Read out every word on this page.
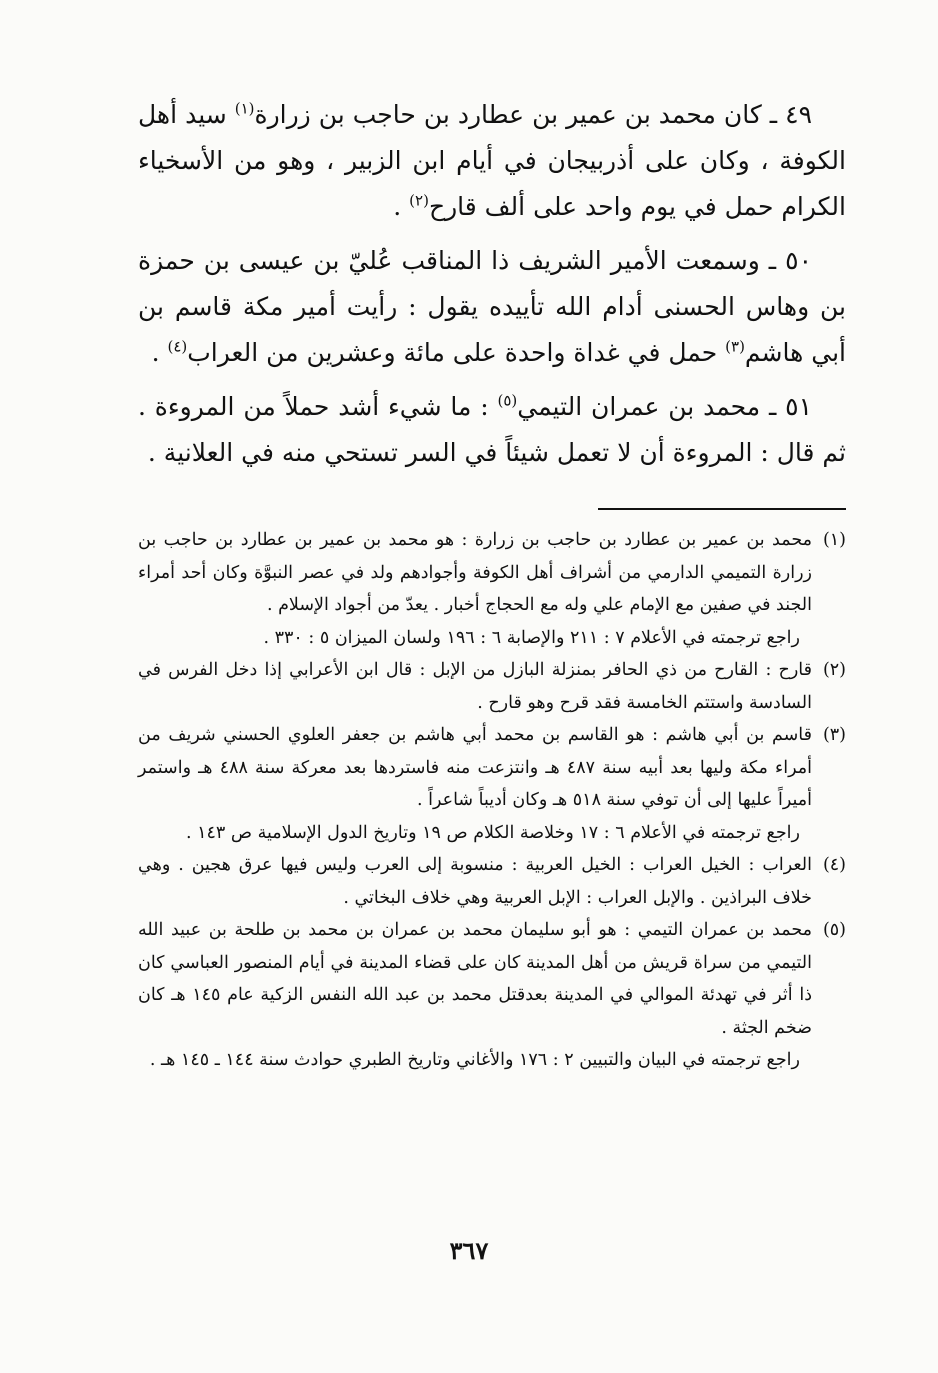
٤٩ ـ كان محمد بن عمير بن عطارد بن حاجب بن زرارة$^{(١)}$ سيد أهل الكوفة ، وكان على أذربيجان في أيام ابن الزبير ، وهو من الأسخياء الكرام حمل في يوم واحد على ألف قارح$^{(٢)}$ .

٥٠ ـ وسمعت الأمير الشريف ذا المناقب عُليّ بن عيسى بن حمزة بن وهاس الحسنى أدام الله تأييده يقول : رأيت أمير مكة قاسم بن أبي هاشم$^{(٣)}$ حمل في غداة واحدة على مائة وعشرين من العراب$^{(٤)}$ .

٥١ ـ محمد بن عمران التيمي$^{(٥)}$ : ما شيء أشد حملاً من المروءة . ثم قال : المروءة أن لا تعمل شيئاً في السر تستحي منه في العلانية .

(١)
محمد بن عمير بن عطارد بن حاجب بن زرارة : هو محمد بن عمير بن عطارد بن حاجب بن زرارة التميمي الدارمي من أشراف أهل الكوفة وأجوادهم ولد في عصر النبوَّة وكان أحد أمراء الجند في صفين مع الإمام علي وله مع الحجاج أخبار . يعدّ من أجواد الإسلام .
راجع ترجمته في الأعلام ٧ : ٢١١ والإصابة ٦ : ١٩٦ ولسان الميزان ٥ : ٣٣٠ .
(٢)
قارح : القارح من ذي الحافر بمنزلة البازل من الإبل : قال ابن الأعرابي إذا دخل الفرس في السادسة واستتم الخامسة فقد قرح وهو قارح .
(٣)
قاسم بن أبي هاشم : هو القاسم بن محمد أبي هاشم بن جعفر العلوي الحسني شريف من أمراء مكة وليها بعد أبيه سنة ٤٨٧ هـ وانتزعت منه فاستردها بعد معركة سنة ٤٨٨ هـ واستمر أميراً عليها إلى أن توفي سنة ٥١٨ هـ وكان أديباً شاعراً .
راجع ترجمته في الأعلام ٦ : ١٧ وخلاصة الكلام ص ١٩ وتاريخ الدول الإسلامية ص ١٤٣ .
(٤)
العراب : الخيل العراب : الخيل العربية : منسوبة إلى العرب وليس فيها عرق هجين . وهي خلاف البراذين . والإبل العراب : الإبل العربية وهي خلاف البخاتي .
(٥)
محمد بن عمران التيمي : هو أبو سليمان محمد بن عمران بن محمد بن طلحة بن عبيد الله التيمي من سراة قريش من أهل المدينة كان على قضاء المدينة في أيام المنصور العباسي كان ذا أثر في تهدئة الموالي في المدينة بعدقتل محمد بن عبد الله النفس الزكية عام ١٤٥ هـ كان ضخم الجثة .
راجع ترجمته في البيان والتبيين ٢ : ١٧٦ والأغاني وتاريخ الطبري حوادث سنة ١٤٤ ـ ١٤٥ هـ .
٣٦٧
